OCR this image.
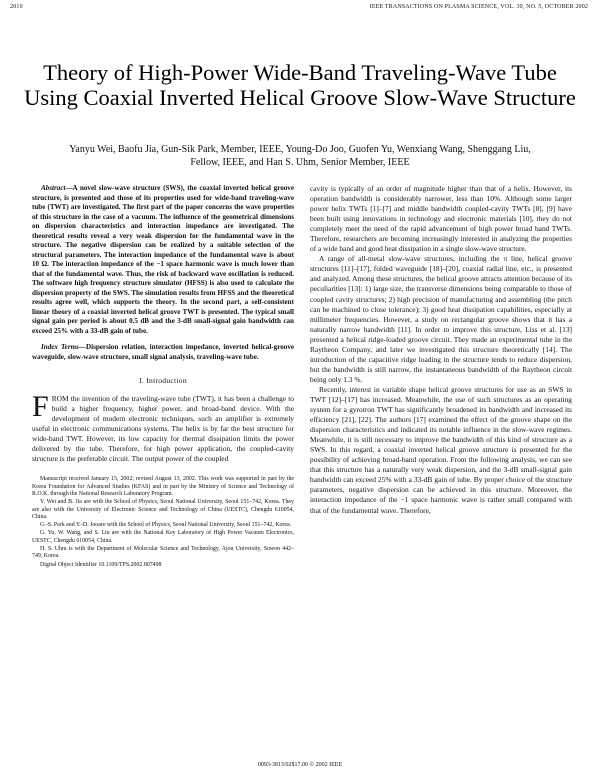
2010	IEEE TRANSACTIONS ON PLASMA SCIENCE, VOL. 30, NO. 5, OCTOBER 2002
Theory of High-Power Wide-Band Traveling-Wave Tube Using Coaxial Inverted Helical Groove Slow-Wave Structure
Yanyu Wei, Baofu Jia, Gun-Sik Park, Member, IEEE, Young-Do Joo, Guofen Yu, Wenxiang Wang, Shenggang Liu, Fellow, IEEE, and Han S. Uhm, Senior Member, IEEE

Abstract—A novel slow-wave structure (SWS), the coaxial inverted helical groove structure, is presented and those of its properties used for wide-band traveling-wave tube (TWT) are investigated. The first part of the paper concerns the wave properties of this structure in the case of a vacuum. The influence of the geometrical dimensions on dispersion characteristics and interaction impedance are investigated. The theoretical results reveal a very weak dispersion for the fundamental wave in the structure. The negative dispersion can be realized by a suitable selection of the structural parameters. The interaction impedance of the fundamental wave is about 10 Ω. The interaction impedance of the −1 space harmonic wave is much lower than that of the fundamental wave. Thus, the risk of backward wave oscillation is reduced. The software high frequency structure simulator (HFSS) is also used to calculate the dispersion property of the SWS. The simulation results from HFSS and the theoretical results agree well, which supports the theory. In the second part, a self-consistent linear theory of a coaxial inverted helical groove TWT is presented. The typical small signal gain per period is about 0.5 dB and the 3-dB small-signal gain bandwidth can exceed 25% with a 33-dB gain of tube.

Index Terms—Dispersion relation, interaction impedance, inverted helical-groove waveguide, slow-wave structure, small signal analysis, traveling-wave tube.

I. Introduction

FROM the invention of the traveling-wave tube (TWT), it has been a challenge to build a higher frequency, higher power, and broad-band device. With the development of modern electronic techniques, such an amplifier is extremely useful in electronic communications systems. The helix is by far the best structure for wide-band TWT. However, its low capacity for thermal dissipation limits the power delivered by the tube. Therefore, for high power application, the coupled-cavity structure is the preferable circuit. The output power of the coupled

Manuscript received January 15, 2002; revised August 13, 2002. This work was supported in part by the Korea Foundation for Advanced Studies (KFAS) and in part by the Ministry of Science and Technology of R.O.K. through the National Research Laboratory Program.

Y. Wei and B. Jia are with the School of Physics, Seoul National University, Seoul 151–742, Korea. They are also with the University of Electronic Science and Technology of China (UESTC), Chengdu 610054, China.

G.-S. Park and Y.-D. Jooare with the School of Physics, Seoul National University, Seoul 151–742, Korea.

G. Yu, W. Wang, and S. Liu are with the National Key Laboratory of High Power Vacuum Electronics, UESTC, Chengdu 610054, China.

H. S. Uhm is with the Department of Molecular Science and Technology, Ajou University, Suwon 442–749, Korea.

Digital Object Identifier 10.1109/TPS.2002.807498

cavity is typically of an order of magnitude higher than that of a helix. However, its operation bandwidth is considerably narrower, less than 10%. Although some larger power helix TWTs [1]–[7] and middle bandwidth coupled-cavity TWTs [8], [9] have been built using innovations in technology and electronic materials [10], they do not completely meet the need of the rapid advancement of high power broad band TWTs. Therefore, researchers are becoming increasingly interested in analyzing the properties of a wide band and good heat dissipation in a single slow-wave structure.

A range of all-metal slow-wave structures, including the π line, helical groove structures [11]–[17], folded waveguide [18]–[20], coaxial radial line, etc., is presented and analyzed. Among these structures, the helical groove attracts attention because of its peculiarities [13]: 1) large size, the transverse dimensions being comparable to those of coupled cavity structures; 2) high precision of manufacturing and assembling (the pitch can be machined to close tolerance); 3) good heat dissipation capabilities, especially at millimeter frequencies. However, a study on rectangular groove shows that it has a naturally narrow bandwidth [11]. In order to improve this structure, Liss et al. [13] presented a helical ridge-loaded groove circuit. They made an experimental tube in the Raytheon Company, and later we investigated this structure theoretically [14]. The introduction of the capacitive ridge loading in the structure tends to reduce dispersion, but the bandwidth is still narrow, the instantaneous bandwidth of the Raytheon circuit being only 1.3 %.

Recently, interest in variable shape helical groove structures for use as an SWS in TWT [12]–[17] has increased. Meanwhile, the use of such structures as an operating system for a gyrotron TWT has significantly broadened its bandwidth and increased its efficiency [21], [22]. The authors [17] examined the effect of the groove shape on the dispersion characteristics and indicated its notable influence in the slow-wave regimes. Meanwhile, it is still necessary to improve the bandwidth of this kind of structure as a SWS. In this regard, a coaxial inverted helical groove structure is presented for the possibility of achieving broad-band operation. From the following analysis, we can see that this structure has a naturally very weak dispersion, and the 3-dB small-signal gain bandwidth can exceed 25% with a 33-dB gain of tube. By proper choice of the structure parameters, negative dispersion can be achieved in this structure. Moreover, the interaction impedance of the −1 space harmonic wave is rather small compared with that of the fundamental wave. Therefore,

0093-3813/02$17.00 © 2002 IEEE
